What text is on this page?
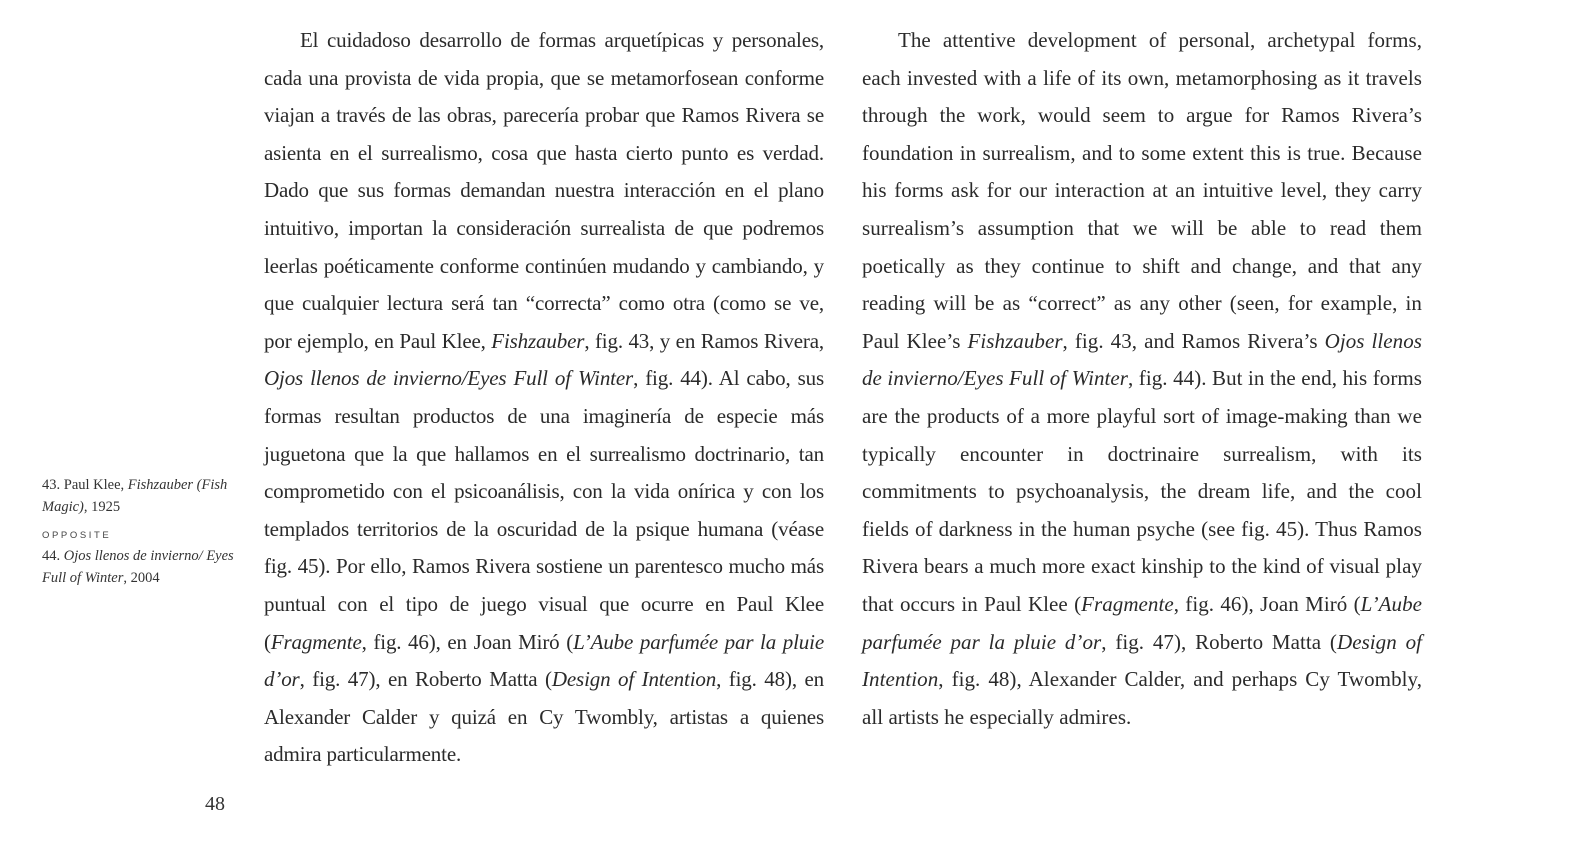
43. Paul Klee, Fishzauber (Fish Magic), 1925

OPPOSITE

44. Ojos llenos de invierno/ Eyes Full of Winter, 2004

El cuidadoso desarrollo de formas arquetípicas y personales, cada una provista de vida propia, que se metamorfosean conforme viajan a través de las obras, parecería probar que Ramos Rivera se asienta en el surrealismo, cosa que hasta cierto punto es verdad. Dado que sus formas demandan nuestra interacción en el plano intuitivo, importan la consideración surrealista de que podremos leerlas poéticamente conforme continúen mudando y cambiando, y que cualquier lectura será tan “correcta” como otra (como se ve, por ejemplo, en Paul Klee, Fishzauber, fig. 43, y en Ramos Rivera, Ojos llenos de invierno/Eyes Full of Winter, fig. 44). Al cabo, sus formas resultan productos de una imaginería de especie más juguetona que la que hallamos en el surrealismo doctrinario, tan comprometido con el psicoanálisis, con la vida onírica y con los templados territorios de la oscuridad de la psique humana (véase fig. 45). Por ello, Ramos Rivera sostiene un parentesco mucho más puntual con el tipo de juego visual que ocurre en Paul Klee (Fragmente, fig. 46), en Joan Miró (L’Aube parfumée par la pluie d’or, fig. 47), en Roberto Matta (Design of Intention, fig. 48), en Alexander Calder y quizá en Cy Twombly, artistas a quienes admira particularmente.

The attentive development of personal, archetypal forms, each invested with a life of its own, metamorphosing as it travels through the work, would seem to argue for Ramos Rivera’s foundation in surrealism, and to some extent this is true. Because his forms ask for our interaction at an intuitive level, they carry surrealism’s assumption that we will be able to read them poetically as they continue to shift and change, and that any reading will be as “correct” as any other (seen, for example, in Paul Klee’s Fishzauber, fig. 43, and Ramos Rivera’s Ojos llenos de invierno/Eyes Full of Winter, fig. 44). But in the end, his forms are the products of a more playful sort of image-making than we typically encounter in doctrinaire surrealism, with its commitments to psychoanalysis, the dream life, and the cool fields of darkness in the human psyche (see fig. 45). Thus Ramos Rivera bears a much more exact kinship to the kind of visual play that occurs in Paul Klee (Fragmente, fig. 46), Joan Miró (L’Aube parfumée par la pluie d’or, fig. 47), Roberto Matta (Design of Intention, fig. 48), Alexander Calder, and perhaps Cy Twombly, all artists he especially admires.

48
